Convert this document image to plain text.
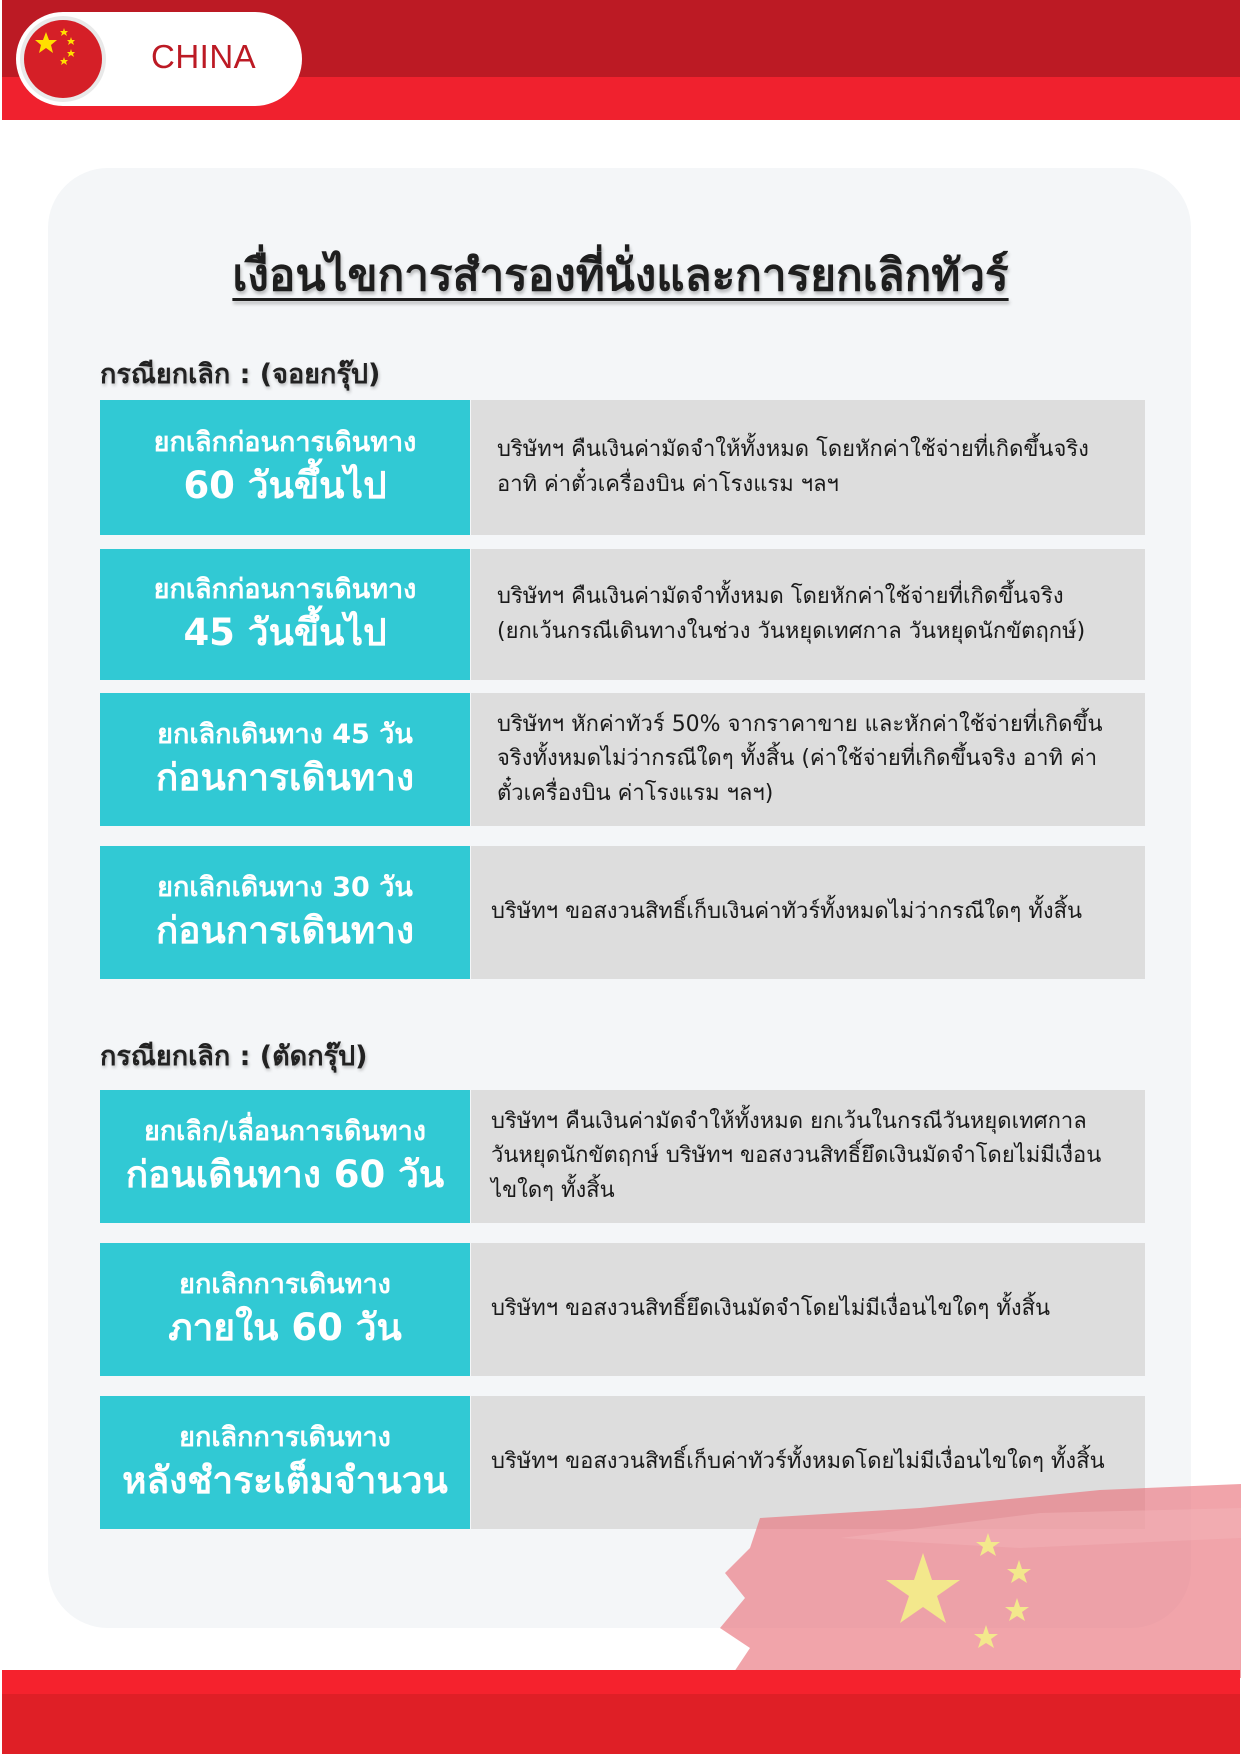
CHINA
เงื่อนไขการสำรองที่นั่งและการยกเลิกทัวร์
กรณียกเลิก : (จอยกรุ๊ป)
ยกเลิกก่อนการเดินทาง
60 วันขึ้นไป
บริษัทฯ คืนเงินค่ามัดจำให้ทั้งหมด โดยหักค่าใช้จ่ายที่เกิดขึ้นจริง อาทิ ค่าตั๋วเครื่องบิน ค่าโรงแรม ฯลฯ
ยกเลิกก่อนการเดินทาง
45 วันขึ้นไป
บริษัทฯ คืนเงินค่ามัดจำทั้งหมด โดยหักค่าใช้จ่ายที่เกิดขึ้นจริง (ยกเว้นกรณีเดินทางในช่วง วันหยุดเทศกาล วันหยุดนักขัตฤกษ์)
ยกเลิกเดินทาง 45 วัน
ก่อนการเดินทาง
บริษัทฯ หักค่าทัวร์ 50% จากราคาขาย และหักค่าใช้จ่ายที่เกิดขึ้นจริงทั้งหมดไม่ว่ากรณีใดๆ ทั้งสิ้น (ค่าใช้จ่ายที่เกิดขึ้นจริง อาทิ ค่าตั๋วเครื่องบิน ค่าโรงแรม ฯลฯ)
ยกเลิกเดินทาง 30 วัน
ก่อนการเดินทาง	บริษัทฯ ขอสงวนสิทธิ์เก็บเงินค่าทัวร์ทั้งหมดไม่ว่ากรณีใดๆ ทั้งสิ้น
กรณียกเลิก : (ตัดกรุ๊ป)
ยกเลิก/เลื่อนการเดินทาง
ก่อนเดินทาง 60 วัน
บริษัทฯ คืนเงินค่ามัดจำให้ทั้งหมด ยกเว้นในกรณีวันหยุดเทศกาล วันหยุดนักขัตฤกษ์ บริษัทฯ ขอสงวนสิทธิ์ยึดเงินมัดจำโดยไม่มีเงื่อนไขใดๆ ทั้งสิ้น
ยกเลิกการเดินทาง
ภายใน 60 วัน	บริษัทฯ ขอสงวนสิทธิ์ยึดเงินมัดจำโดยไม่มีเงื่อนไขใดๆ ทั้งสิ้น
ยกเลิกการเดินทาง
หลังชำระเต็มจำนวน บริษัทฯ ขอสงวนสิทธิ์เก็บค่าทัวร์ทั้งหมดโดยไม่มีเงื่อนไขใดๆ ทั้งสิ้น
